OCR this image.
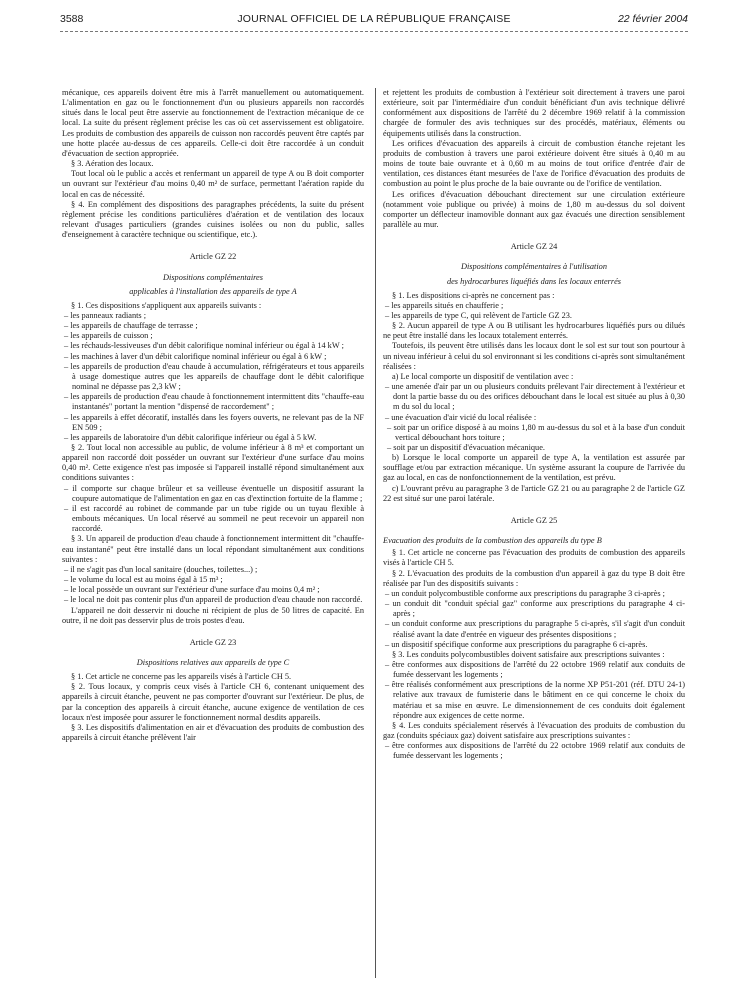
3588	JOURNAL OFFICIEL DE LA RÉPUBLIQUE FRANÇAISE	22 février 2004

mécanique, ces appareils doivent être mis à l'arrêt manuellement ou automatiquement. L'alimentation en gaz ou le fonctionnement d'un ou plusieurs appareils non raccordés situés dans le local peut être asservie au fonctionnement de l'extraction mécanique de ce local. La suite du présent règlement précise les cas où cet asservissement est obligatoire. Les produits de combustion des appareils de cuisson non raccordés peuvent être captés par une hotte placée au-dessus de ces appareils. Celle-ci doit être raccordée à un conduit d'évacuation de section appropriée.

§ 3. Aération des locaux.

Tout local où le public a accès et renfermant un appareil de type A ou B doit comporter un ouvrant sur l'extérieur d'au moins 0,40 m² de surface, permettant l'aération rapide du local en cas de nécessité.

§ 4. En complément des dispositions des paragraphes précédents, la suite du présent règlement précise les conditions particulières d'aération et de ventilation des locaux relevant d'usages particuliers (grandes cuisines isolées ou non du public, salles d'enseignement à caractère technique ou scientifique, etc.).

Article GZ 22
Dispositions complémentaires
applicables à l'installation des appareils de type A

§ 1. Ces dispositions s'appliquent aux appareils suivants :

– les panneaux radiants ;
– les appareils de chauffage de terrasse ;
– les appareils de cuisson ;
– les réchauds-lessiveuses d'un débit calorifique nominal inférieur ou égal à 14 kW ;
– les machines à laver d'un débit calorifique nominal inférieur ou égal à 6 kW ;
– les appareils de production d'eau chaude à accumulation, réfrigérateurs et tous appareils à usage domestique autres que les appareils de chauffage dont le débit calorifique nominal ne dépasse pas 2,3 kW ;
– les appareils de production d'eau chaude à fonctionnement intermittent dits "chauffe-eau instantanés" portant la mention "dispensé de raccordement" ;
– les appareils à effet décoratif, installés dans les foyers ouverts, ne relevant pas de la NF EN 509 ;
– les appareils de laboratoire d'un débit calorifique inférieur ou égal à 5 kW.

§ 2. Tout local non accessible au public, de volume inférieur à 8 m³ et comportant un appareil non raccordé doit posséder un ouvrant sur l'extérieur d'une surface d'au moins 0,40 m². Cette exigence n'est pas imposée si l'appareil installé répond simultanément aux conditions suivantes :

– il comporte sur chaque brûleur et sa veilleuse éventuelle un dispositif assurant la coupure automatique de l'alimentation en gaz en cas d'extinction fortuite de la flamme ;
– il est raccordé au robinet de commande par un tube rigide ou un tuyau flexible à embouts mécaniques. Un local réservé au sommeil ne peut recevoir un appareil non raccordé.

§ 3. Un appareil de production d'eau chaude à fonctionnement intermittent dit "chauffe-eau instantané" peut être installé dans un local répondant simultanément aux conditions suivantes :

– il ne s'agit pas d'un local sanitaire (douches, toilettes...) ;
– le volume du local est au moins égal à 15 m³ ;
– le local possède un ouvrant sur l'extérieur d'une surface d'au moins 0,4 m² ;
– le local ne doit pas contenir plus d'un appareil de production d'eau chaude non raccordé.

L'appareil ne doit desservir ni douche ni récipient de plus de 50 litres de capacité. En outre, il ne doit pas desservir plus de trois postes d'eau.

Article GZ 23
Dispositions relatives aux appareils de type C

§ 1. Cet article ne concerne pas les appareils visés à l'article CH 5.

§ 2. Tous locaux, y compris ceux visés à l'article CH 6, contenant uniquement des appareils à circuit étanche, peuvent ne pas comporter d'ouvrant sur l'extérieur. De plus, de par la conception des appareils à circuit étanche, aucune exigence de ventilation de ces locaux n'est imposée pour assurer le fonctionnement normal desdits appareils.

§ 3. Les dispositifs d'alimentation en air et d'évacuation des produits de combustion des appareils à circuit étanche prélèvent l'air

et rejettent les produits de combustion à l'extérieur soit directement à travers une paroi extérieure, soit par l'intermédiaire d'un conduit bénéficiant d'un avis technique délivré conformément aux dispositions de l'arrêté du 2 décembre 1969 relatif à la commission chargée de formuler des avis techniques sur des procédés, matériaux, éléments ou équipements utilisés dans la construction.

Les orifices d'évacuation des appareils à circuit de combustion étanche rejetant les produits de combustion à travers une paroi extérieure doivent être situés à 0,40 m au moins de toute baie ouvrante et à 0,60 m au moins de tout orifice d'entrée d'air de ventilation, ces distances étant mesurées de l'axe de l'orifice d'évacuation des produits de combustion au point le plus proche de la baie ouvrante ou de l'orifice de ventilation.

Les orifices d'évacuation débouchant directement sur une circulation extérieure (notamment voie publique ou privée) à moins de 1,80 m au-dessus du sol doivent comporter un déflecteur inamovible donnant aux gaz évacués une direction sensiblement parallèle au mur.

Article GZ 24
Dispositions complémentaires à l'utilisation
des hydrocarbures liquéfiés dans les locaux enterrés

§ 1. Les dispositions ci-après ne concernent pas :

– les appareils situés en chaufferie ;
– les appareils de type C, qui relèvent de l'article GZ 23.

§ 2. Aucun appareil de type A ou B utilisant les hydrocarbures liquéfiés purs ou dilués ne peut être installé dans les locaux totalement enterrés.

Toutefois, ils peuvent être utilisés dans les locaux dont le sol est sur tout son pourtour à un niveau inférieur à celui du sol environnant si les conditions ci-après sont simultanément réalisées :

a) Le local comporte un dispositif de ventilation avec :

– une amenée d'air par un ou plusieurs conduits prélevant l'air directement à l'extérieur et dont la partie basse du ou des orifices débouchant dans le local est située au plus à 0,30 m du sol du local ;
– une évacuation d'air vicié du local réalisée :
– soit par un orifice disposé à au moins 1,80 m au-dessus du sol et à la base d'un conduit vertical débouchant hors toiture ;
– soit par un dispositif d'évacuation mécanique.

b) Lorsque le local comporte un appareil de type A, la ventilation est assurée par soufflage et/ou par extraction mécanique. Un système assurant la coupure de l'arrivée du gaz au local, en cas de nonfonctionnement de la ventilation, est prévu.

c) L'ouvrant prévu au paragraphe 3 de l'article GZ 21 ou au paragraphe 2 de l'article GZ 22 est situé sur une paroi latérale.

Article GZ 25
Evacuation des produits de la combustion des appareils du type B

§ 1. Cet article ne concerne pas l'évacuation des produits de combustion des appareils visés à l'article CH 5.

§ 2. L'évacuation des produits de la combustion d'un appareil à gaz du type B doit être réalisée par l'un des dispositifs suivants :

– un conduit polycombustible conforme aux prescriptions du paragraphe 3 ci-après ;
– un conduit dit "conduit spécial gaz" conforme aux prescriptions du paragraphe 4 ci-après ;
– un conduit conforme aux prescriptions du paragraphe 5 ci-après, s'il s'agit d'un conduit réalisé avant la date d'entrée en vigueur des présentes dispositions ;
– un dispositif spécifique conforme aux prescriptions du paragraphe 6 ci-après.

§ 3. Les conduits polycombustibles doivent satisfaire aux prescriptions suivantes :

– être conformes aux dispositions de l'arrêté du 22 octobre 1969 relatif aux conduits de fumée desservant les logements ;
– être réalisés conformément aux prescriptions de la norme XP P51-201 (réf. DTU 24-1) relative aux travaux de fumisterie dans le bâtiment en ce qui concerne le choix du matériau et sa mise en œuvre. Le dimensionnement de ces conduits doit également répondre aux exigences de cette norme.

§ 4. Les conduits spécialement réservés à l'évacuation des produits de combustion du gaz (conduits spéciaux gaz) doivent satisfaire aux prescriptions suivantes :

– être conformes aux dispositions de l'arrêté du 22 octobre 1969 relatif aux conduits de fumée desservant les logements ;
